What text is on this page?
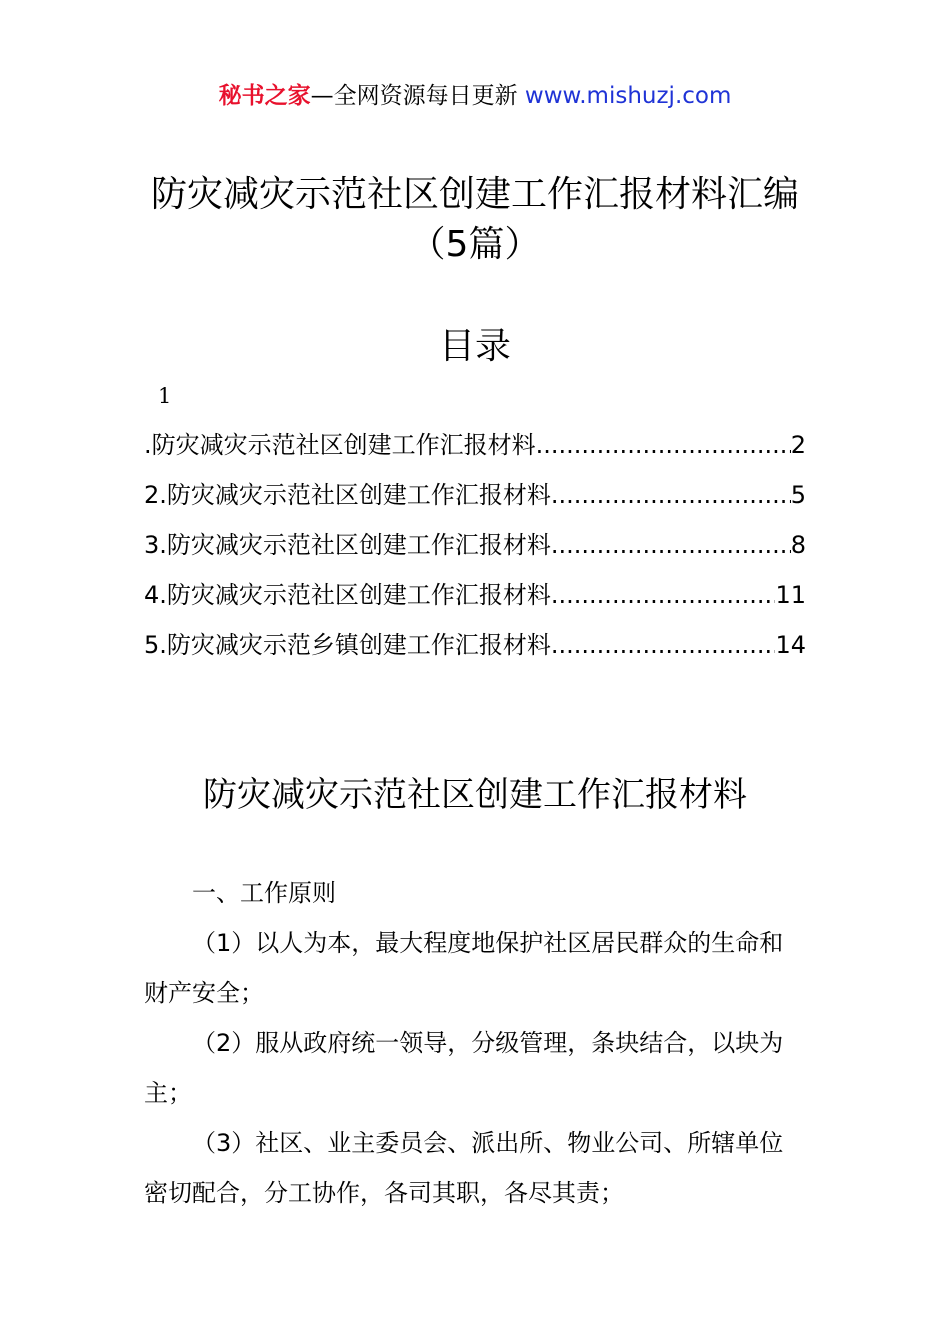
秘书之家—全网资源每日更新 www.mishuzj.com
防灾减灾示范社区创建工作汇报材料汇编
（5篇）
目录
1
.防灾减灾示范社区创建工作汇报材料 .....	2
2.防灾减灾示范社区创建工作汇报材料 .....	5
3.防灾减灾示范社区创建工作汇报材料 .....	8
4.防灾减灾示范社区创建工作汇报材料 .....	11
5.防灾减灾示范乡镇创建工作汇报材料 .....	14
防灾减灾示范社区创建工作汇报材料

一、工作原则

（1）以人为本，最大程度地保护社区居民群众的生命和财产安全；

（2）服从政府统一领导，分级管理，条块结合，以块为主；

（3）社区、业主委员会、派出所、物业公司、所辖单位密切配合，分工协作，各司其职，各尽其责；
